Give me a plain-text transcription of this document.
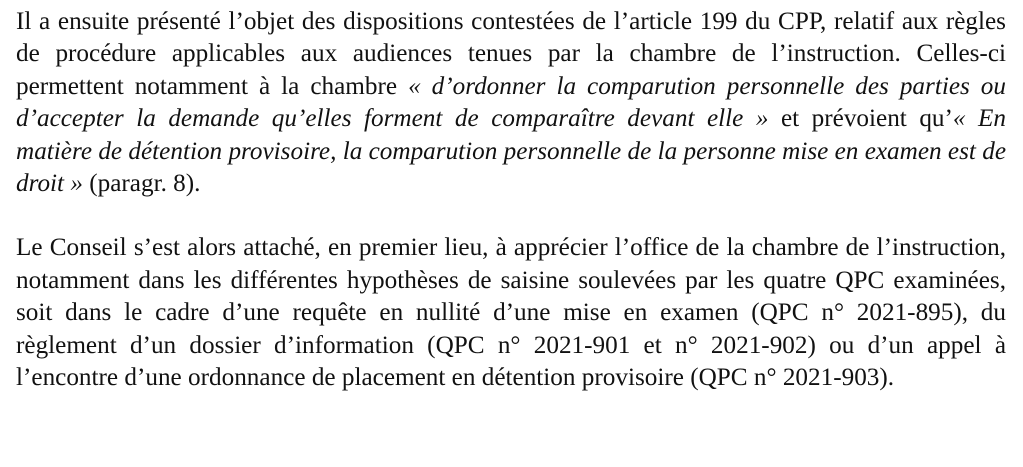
Il a ensuite présenté l’objet des dispositions contestées de l’article 199 du CPP, relatif aux règles de procédure applicables aux audiences tenues par la chambre de l’instruction. Celles-ci permettent notamment à la chambre « d’ordonner la comparution personnelle des parties ou d’accepter la demande qu’elles forment de comparaître devant elle » et prévoient qu’« En matière de détention provisoire, la comparution personnelle de la personne mise en examen est de droit » (paragr. 8).

Le Conseil s’est alors attaché, en premier lieu, à apprécier l’office de la chambre de l’instruction, notamment dans les différentes hypothèses de saisine soulevées par les quatre QPC examinées, soit dans le cadre d’une requête en nullité d’une mise en examen (QPC n° 2021-895), du règlement d’un dossier d’information (QPC n° 2021-901 et n° 2021-902) ou d’un appel à l’encontre d’une ordonnance de placement en détention provisoire (QPC n° 2021-903).
